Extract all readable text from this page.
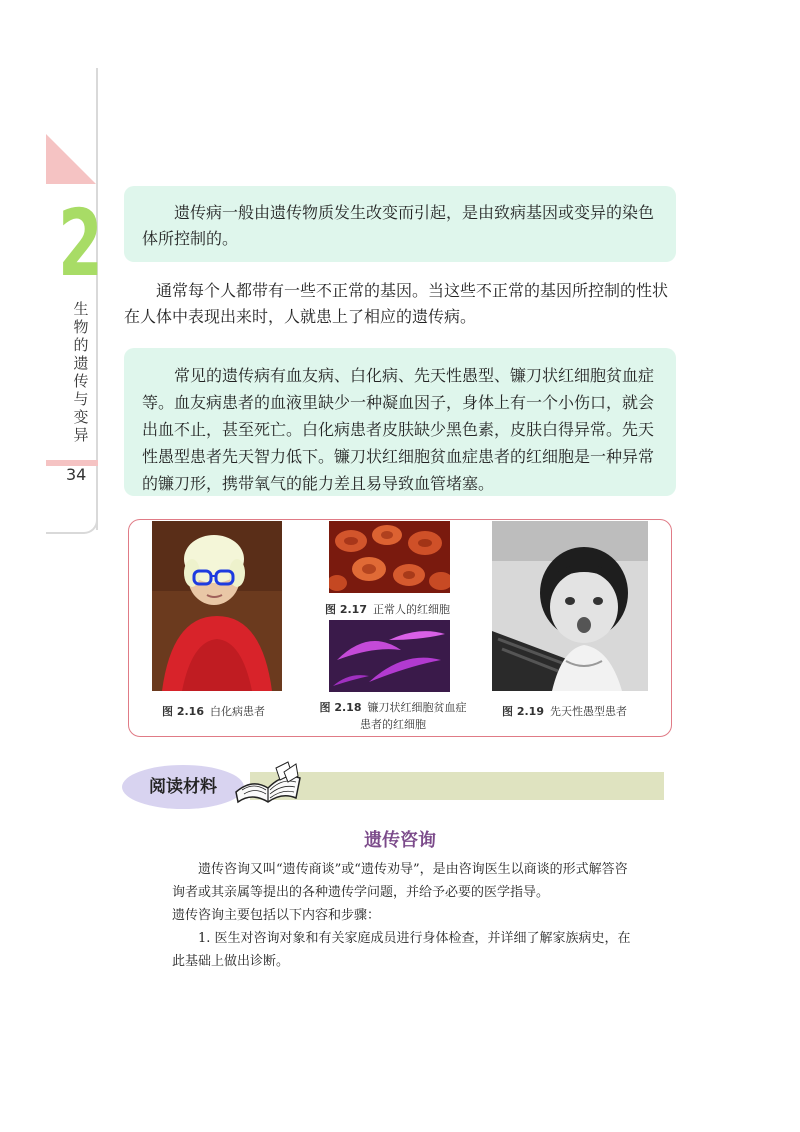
2
生物的遗传与变异
34
遗传病一般由遗传物质发生改变而引起，是由致病基因或变异的染色体所控制的。
通常每个人都带有一些不正常的基因。当这些不正常的基因所控制的性状在人体中表现出来时，人就患上了相应的遗传病。
常见的遗传病有血友病、白化病、先天性愚型、镰刀状红细胞贫血症等。血友病患者的血液里缺少一种凝血因子，身体上有一个小伤口，就会出血不止，甚至死亡。白化病患者皮肤缺少黑色素，皮肤白得异常。先天性愚型患者先天智力低下。镰刀状红细胞贫血症患者的红细胞是一种异常的镰刀形，携带氧气的能力差且易导致血管堵塞。
图 2.16 白化病患者
图 2.17 正常人的红细胞
图 2.18 镰刀状红细胞贫血症患者的红细胞
图 2.19 先天性愚型患者
阅读材料
遗传咨询

遗传咨询又叫“遗传商谈”或“遗传劝导”，是由咨询医生以商谈的形式解答咨询者或其亲属等提出的各种遗传学问题，并给予必要的医学指导。

遗传咨询主要包括以下内容和步骤：

1. 医生对咨询对象和有关家庭成员进行身体检查，并详细了解家族病史，在此基础上做出诊断。
